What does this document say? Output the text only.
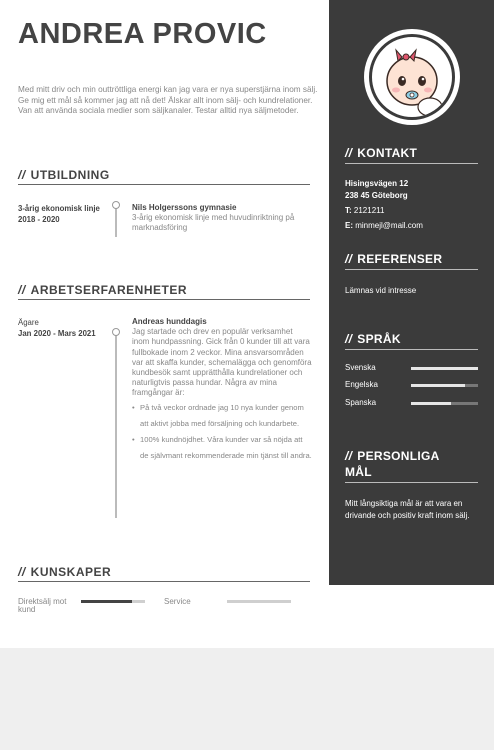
ANDREA PROVIC
Med mitt driv och min outtröttliga energi kan jag vara er nya superstjärna inom sälj. Ge mig ett mål så kommer jag att nå det! Älskar allt inom sälj- och kundrelationer. Van att använda sociala medier som säljkanaler. Testar alltid nya säljmetoder.
// UTBILDNING
3-årig ekonomisk linje
2018 - 2020
Nils Holgerssons gymnasie
3-årig ekonomisk linje med huvudinriktning på marknadsföring
// ARBETSERFARENHETER
Ägare
Jan 2020 - Mars 2021
Andreas hunddagis
Jag startade och drev en populär verksamhet inom hundpassning. Gick från 0 kunder till att vara fullbokade inom 2 veckor. Mina ansvarsområden var att skaffa kunder, schemalägga och genomföra kundbesök samt upprätthålla kundrelationer och naturligtvis passa hundar. Några av mina framgångar är:
• På två veckor ordnade jag 10 nya kunder genom att aktivt jobba med försäljning och kundarbete.
• 100% kundnöjdhet. Våra kunder var så nöjda att de självmant rekommenderade min tjänst till andra.
// KUNSKAPER
Direktsälj mot kund
Service
// KONTAKT
Hisingsvägen 12
238 45 Göteborg
T: 2121211
E: minmejl@mail.com
// REFERENSER
Lämnas vid intresse
// SPRÅK
Svenska
Engelska
Spanska
// PERSONLIGA
MÅL
Mitt långsiktiga mål är att vara en drivande och positiv kraft inom sälj.
